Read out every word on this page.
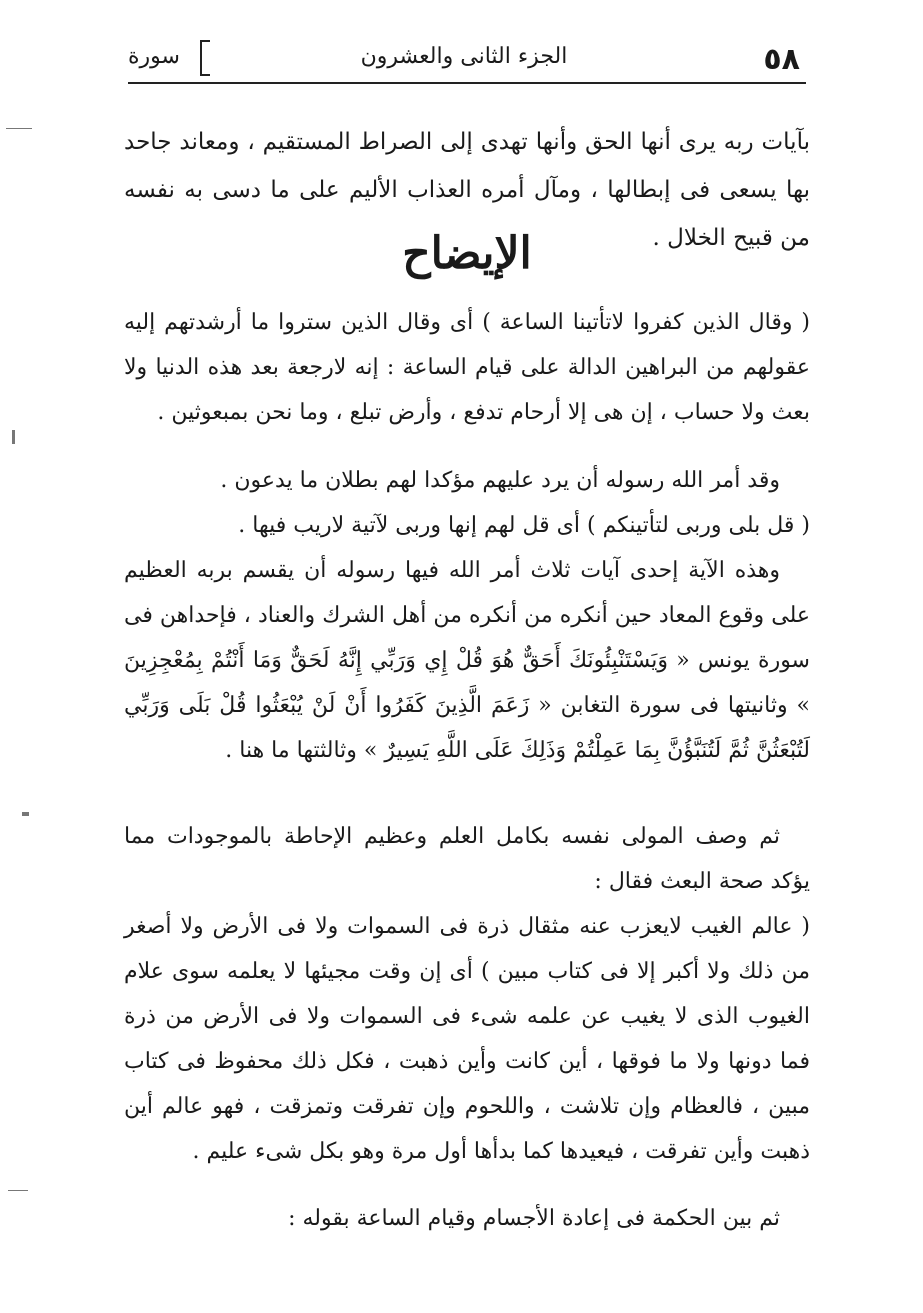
٥٨
الجزء الثانى والعشرون
سورة
بآيات ربه يرى أنها الحق وأنها تهدى إلى الصراط المستقيم ، ومعاند جاحد بها يسعى فى إبطالها ، ومآل أمره العذاب الأليم على ما دسى به نفسه من قبيح الخلال .
الإيضاح

( وقال الذين كفروا لاتأتينا الساعة ) أى وقال الذين ستروا ما أرشدتهم إليه عقولهم من البراهين الدالة على قيام الساعة : إنه لارجعة بعد هذه الدنيا ولا بعث ولا حساب ، إن هى إلا أرحام تدفع ، وأرض تبلع ، وما نحن بمبعوثين .

وقد أمر الله رسوله أن يرد عليهم مؤكدا لهم بطلان ما يدعون .

( قل بلى وربى لتأتينكم ) أى قل لهم إنها وربى لآتية لاريب فيها .

وهذه الآية إحدى آيات ثلاث أمر الله فيها رسوله أن يقسم بربه العظيم على وقوع المعاد حين أنكره من أنكره من أهل الشرك والعناد ، فإحداهن فى سورة يونس « وَيَسْتَنْبِئُونَكَ أَحَقٌّ هُوَ قُلْ إِي وَرَبِّي إِنَّهُ لَحَقٌّ وَمَا أَنْتُمْ بِمُعْجِزِينَ » وثانيتها فى سورة التغابن « زَعَمَ الَّذِينَ كَفَرُوا أَنْ لَنْ يُبْعَثُوا قُلْ بَلَى وَرَبِّي لَتُبْعَثُنَّ ثُمَّ لَتُنَبَّؤُنَّ بِمَا عَمِلْتُمْ وَذَلِكَ عَلَى اللَّهِ يَسِيرٌ » وثالثتها ما هنا .

ثم وصف المولى نفسه بكامل العلم وعظيم الإحاطة بالموجودات مما يؤكد صحة البعث فقال :

( عالم الغيب لايعزب عنه مثقال ذرة فى السموات ولا فى الأرض ولا أصغر من ذلك ولا أكبر إلا فى كتاب مبين ) أى إن وقت مجيئها لا يعلمه سوى علام الغيوب الذى لا يغيب عن علمه شىء فى السموات ولا فى الأرض من ذرة فما دونها ولا ما فوقها ، أين كانت وأين ذهبت ، فكل ذلك محفوظ فى كتاب مبين ، فالعظام وإن تلاشت ، واللحوم وإن تفرقت وتمزقت ، فهو عالم أين ذهبت وأين تفرقت ، فيعيدها كما بدأها أول مرة وهو بكل شىء عليم .

ثم بين الحكمة فى إعادة الأجسام وقيام الساعة بقوله :
